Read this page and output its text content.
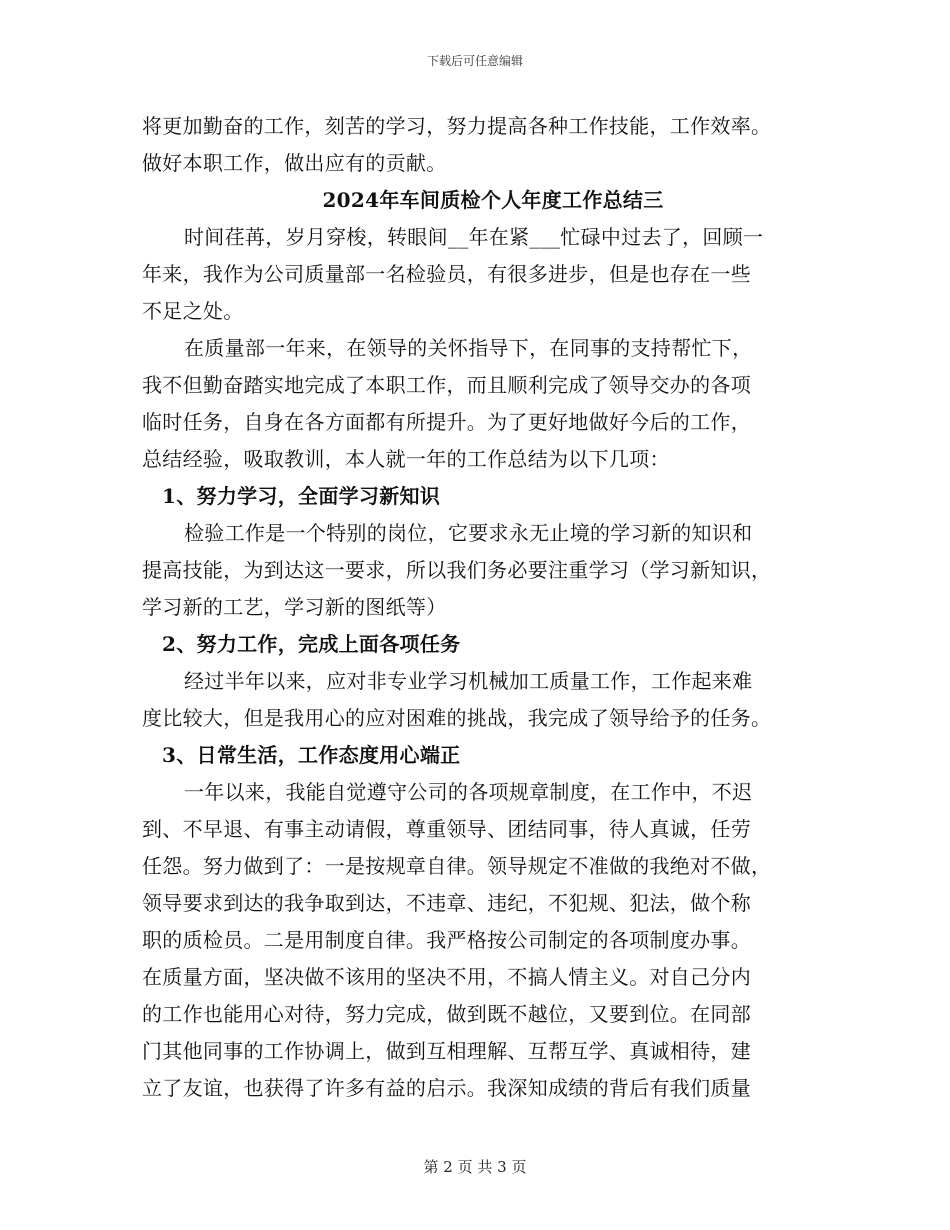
下载后可任意编辑
将更加勤奋的工作，刻苦的学习，努力提高各种工作技能，工作效率。
做好本职工作，做出应有的贡献。
2024年车间质检个人年度工作总结三
时间荏苒，岁月穿梭，转眼间__年在紧___忙碌中过去了，回顾一
年来，我作为公司质量部一名检验员，有很多进步，但是也存在一些
不足之处。
在质量部一年来，在领导的关怀指导下，在同事的支持帮忙下，
我不但勤奋踏实地完成了本职工作，而且顺利完成了领导交办的各项
临时任务，自身在各方面都有所提升。为了更好地做好今后的工作，
总结经验，吸取教训，本人就一年的工作总结为以下几项：
1、努力学习，全面学习新知识
检验工作是一个特别的岗位，它要求永无止境的学习新的知识和
提高技能，为到达这一要求，所以我们务必要注重学习（学习新知识，
学习新的工艺，学习新的图纸等）
2、努力工作，完成上面各项任务
经过半年以来，应对非专业学习机械加工质量工作，工作起来难
度比较大，但是我用心的应对困难的挑战，我完成了领导给予的任务。
3、日常生活，工作态度用心端正
一年以来，我能自觉遵守公司的各项规章制度，在工作中，不迟
到、不早退、有事主动请假，尊重领导、团结同事，待人真诚，任劳
任怨。努力做到了：一是按规章自律。领导规定不准做的我绝对不做，
领导要求到达的我争取到达，不违章、违纪，不犯规、犯法，做个称
职的质检员。二是用制度自律。我严格按公司制定的各项制度办事。
在质量方面，坚决做不该用的坚决不用，不搞人情主义。对自己分内
的工作也能用心对待，努力完成，做到既不越位，又要到位。在同部
门其他同事的工作协调上，做到互相理解、互帮互学、真诚相待，建
立了友谊，也获得了许多有益的启示。我深知成绩的背后有我们质量
第 2 页 共 3 页
